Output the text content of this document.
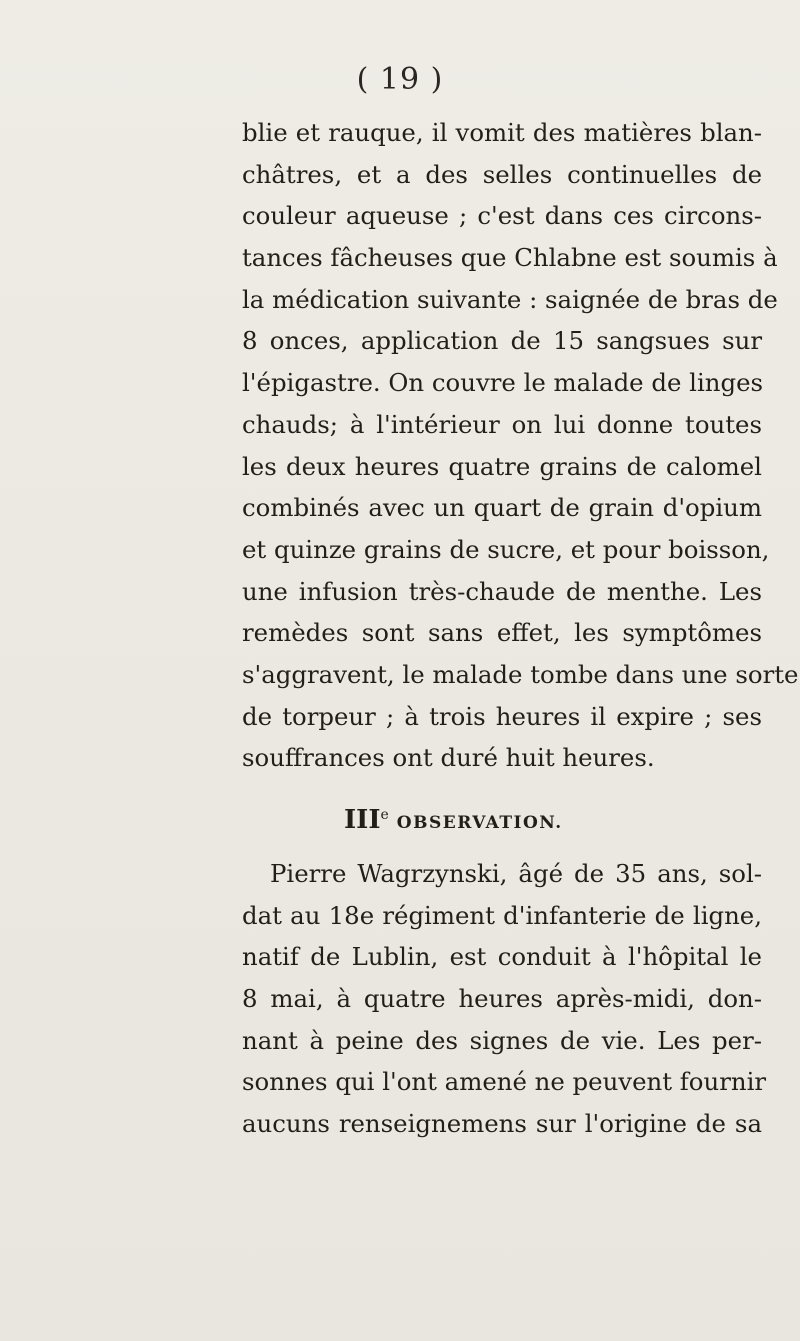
( 19 )
blie et rauque, il vomit des matières blan-
châtres, et a des selles continuelles de
couleur aqueuse ; c'est dans ces circons-
tances fâcheuses que Chlabne est soumis à
la médication suivante : saignée de bras de
8 onces, application de 15 sangsues sur
l'épigastre. On couvre le malade de linges
chauds; à l'intérieur on lui donne toutes
les deux heures quatre grains de calomel
combinés avec un quart de grain d'opium
et quinze grains de sucre, et pour boisson,
une infusion très-chaude de menthe. Les
remèdes sont sans effet, les symptômes
s'aggravent, le malade tombe dans une sorte
de torpeur ; à trois heures il expire ; ses
souffrances ont duré huit heures.
IIIe OBSERVATION.
Pierre Wagrzynski, âgé de 35 ans, sol-
dat au 18e régiment d'infanterie de ligne,
natif de Lublin, est conduit à l'hôpital le
8 mai, à quatre heures après-midi, don-
nant à peine des signes de vie. Les per-
sonnes qui l'ont amené ne peuvent fournir
aucuns renseignemens sur l'origine de sa
